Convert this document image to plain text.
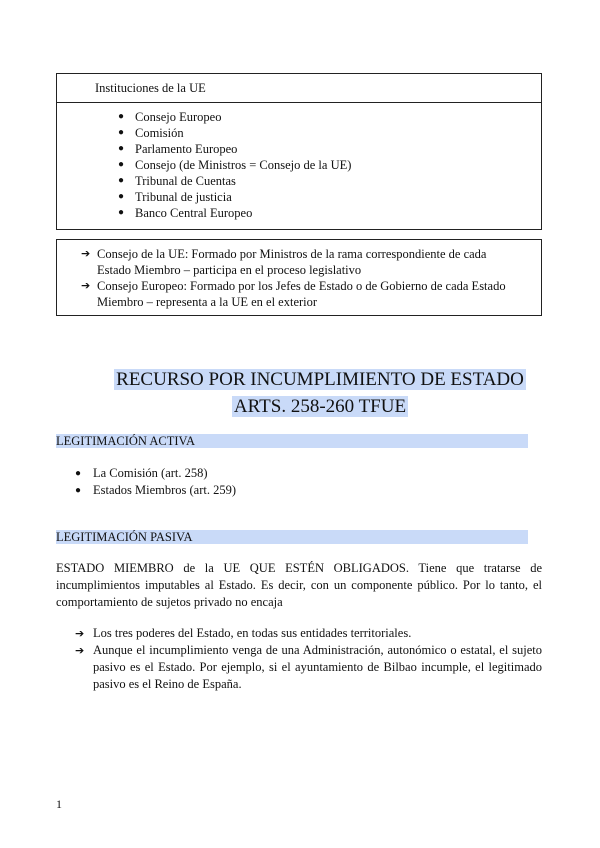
Instituciones de la UE
● Consejo Europeo
● Comisión
● Parlamento Europeo
● Consejo (de Ministros = Consejo de la UE)
● Tribunal de Cuentas
● Tribunal de justicia
● Banco Central Europeo
➔ Consejo de la UE: Formado por Ministros de la rama correspondiente de cada Estado Miembro – participa en el proceso legislativo
➔ Consejo Europeo: Formado por los Jefes de Estado o de Gobierno de cada Estado Miembro – representa a la UE en el exterior
RECURSO POR INCUMPLIMIENTO DE ESTADO
ARTS. 258-260 TFUE
LEGITIMACIÓN ACTIVA
● La Comisión (art. 258)
● Estados Miembros (art. 259)
LEGITIMACIÓN PASIVA
ESTADO MIEMBRO de la UE QUE ESTÉN OBLIGADOS. Tiene que tratarse de incumplimientos imputables al Estado. Es decir, con un componente público. Por lo tanto, el comportamiento de sujetos privado no encaja
➔ Los tres poderes del Estado, en todas sus entidades territoriales.
➔ Aunque el incumplimiento venga de una Administración, autonómico o estatal, el sujeto pasivo es el Estado. Por ejemplo, si el ayuntamiento de Bilbao incumple, el legitimado pasivo es el Reino de España.
1
